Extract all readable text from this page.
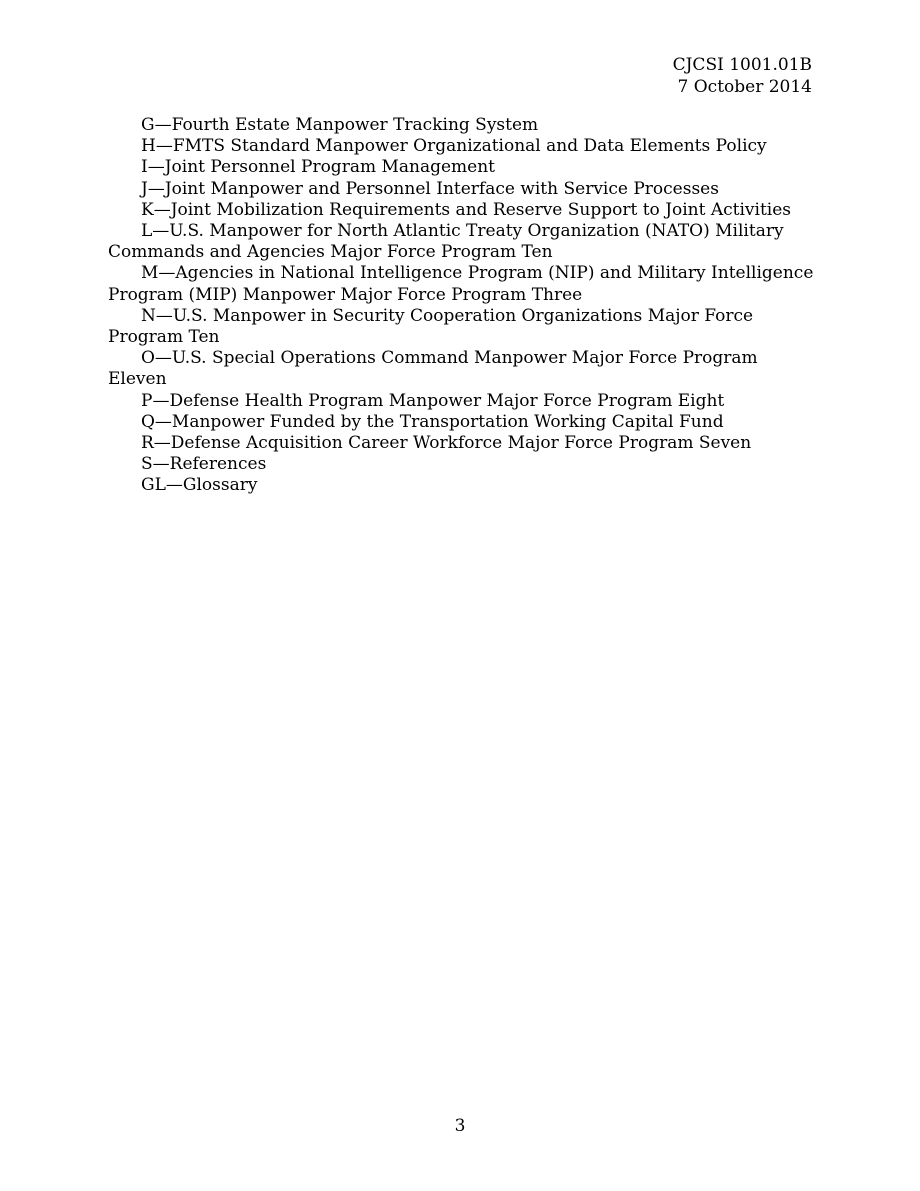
CJCSI 1001.01B
7 October 2014

G—Fourth Estate Manpower Tracking System

H—FMTS Standard Manpower Organizational and Data Elements Policy

I—Joint Personnel Program Management

J—Joint Manpower and Personnel Interface with Service Processes

K—Joint Mobilization Requirements and Reserve Support to Joint Activities

L—U.S. Manpower for North Atlantic Treaty Organization (NATO) Military
Commands and Agencies Major Force Program Ten

M—Agencies in National Intelligence Program (NIP) and Military Intelligence
Program (MIP) Manpower Major Force Program Three

N—U.S. Manpower in Security Cooperation Organizations Major Force
Program Ten

O—U.S. Special Operations Command Manpower Major Force Program
Eleven

P—Defense Health Program Manpower Major Force Program Eight

Q—Manpower Funded by the Transportation Working Capital Fund

R—Defense Acquisition Career Workforce Major Force Program Seven

S—References

GL—Glossary

3
